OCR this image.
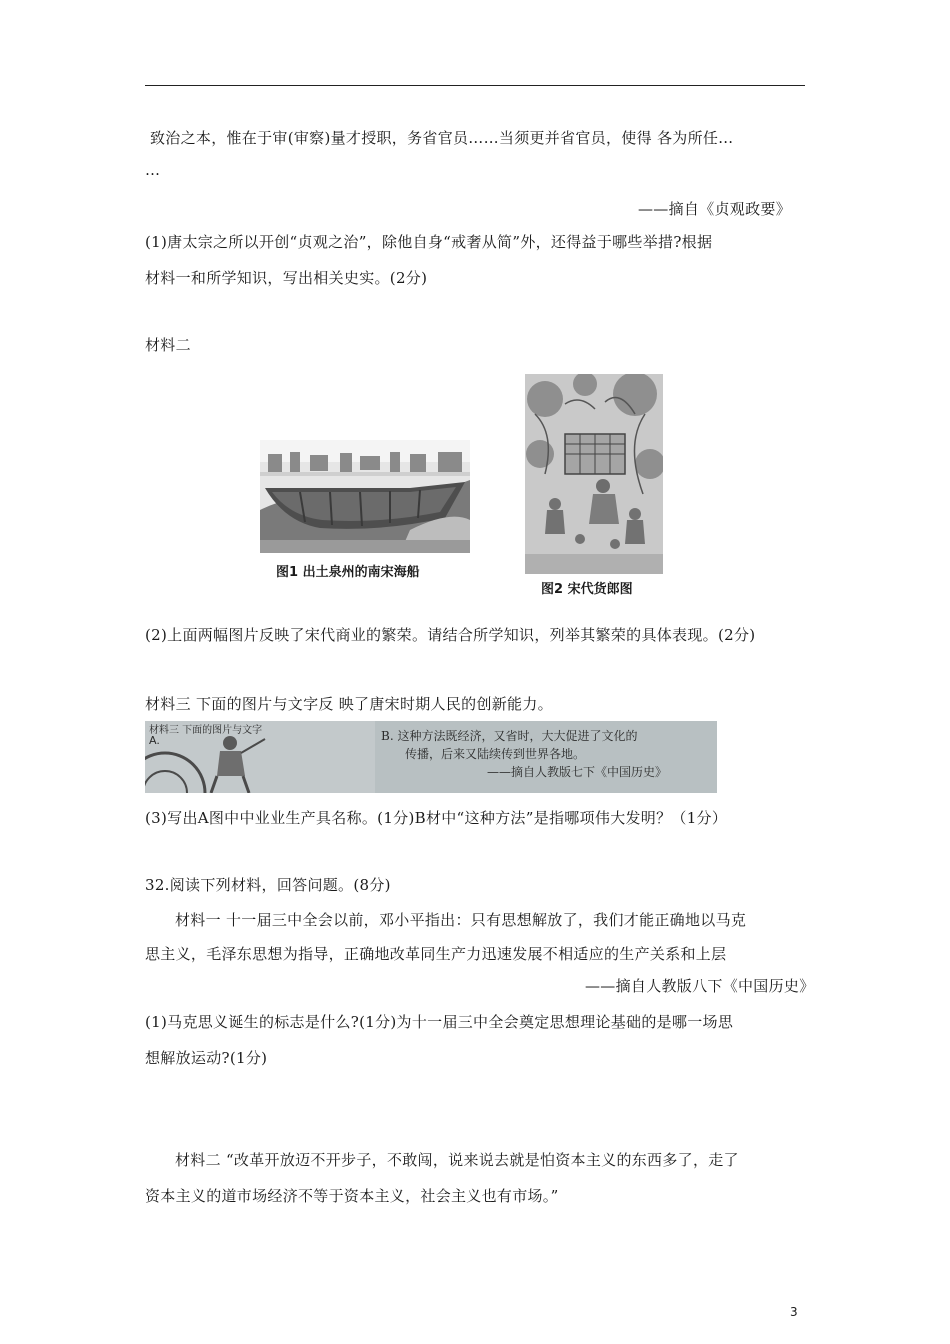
致治之本，惟在于审(审察)量才授职，务省官员……当须更并省官员，使得 各为所任…
…
——摘自《贞观政要》
(1)唐太宗之所以开创“贞观之治”，除他自身“戒奢从简”外，还得益于哪些举措?根据
材料一和所学知识，写出相关史实。(2分)
材料二
图1 出土泉州的南宋海船
图2 宋代货郎图
(2)上面两幅图片反映了宋代商业的繁荣。请结合所学知识，列举其繁荣的具体表现。(2分)
材料三 下面的图片与文字反 映了唐宋时期人民的创新能力。
材料三 下面的图片与文字
A.	B. 这种方法既经济，又省时，大大促进了文化的
传播，后来又陆续传到世界各地。
——摘自人教版七下《中国历史》
(3)写出A图中中业业生产具名称。(1分)B材中“这种方法”是指哪项伟大发明？（1分）
32.阅读下列材料，回答问题。(8分)
材料一 十一届三中全会以前，邓小平指出：只有思想解放了，我们才能正确地以马克
思主义，毛泽东思想为指导，正确地改革同生产力迅速发展不相适应的生产关系和上层
——摘自人教版八下《中国历史》
(1)马克思义诞生的标志是什么?(1分)为十一届三中全会奠定思想理论基础的是哪一场思
想解放运动?(1分)
材料二 “改革开放迈不开步子，不敢闯，说来说去就是怕资本主义的东西多了，走了
资本主义的道市场经济不等于资本主义，社会主义也有市场。”
3
